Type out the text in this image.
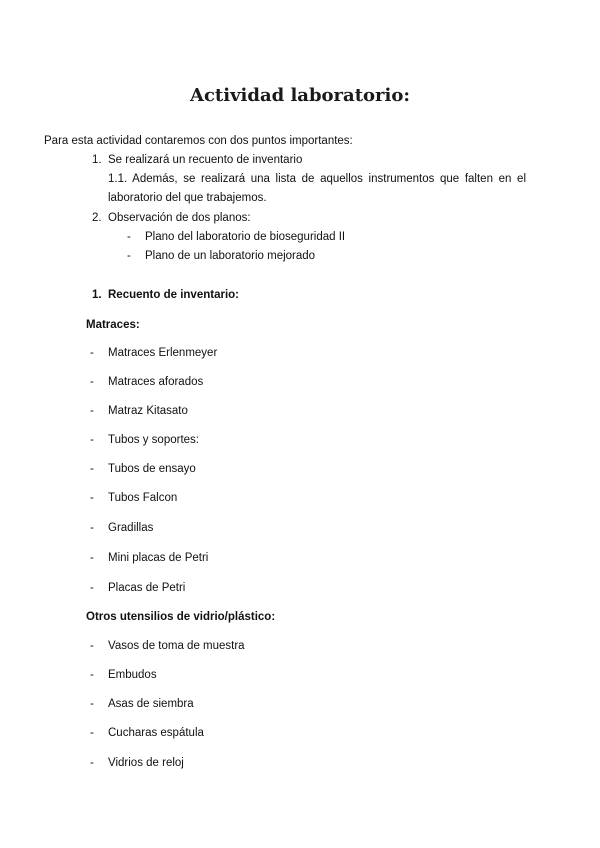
Actividad laboratorio:
Para esta actividad contaremos con dos puntos importantes:
1. Se realizará un recuento de inventario
1.1. Además, se realizará una lista de aquellos instrumentos que falten en el
laboratorio del que trabajemos.
2. Observación de dos planos:
- Plano del laboratorio de bioseguridad II
- Plano de un laboratorio mejorado
1. Recuento de inventario:
Matraces:
- Matraces Erlenmeyer
- Matraces aforados
- Matraz Kitasato
- Tubos y soportes:
- Tubos de ensayo
- Tubos Falcon
- Gradillas
- Mini placas de Petri
- Placas de Petri
Otros utensilios de vidrio/plástico:
- Vasos de toma de muestra
- Embudos
- Asas de siembra
- Cucharas espátula
- Vidrios de reloj
